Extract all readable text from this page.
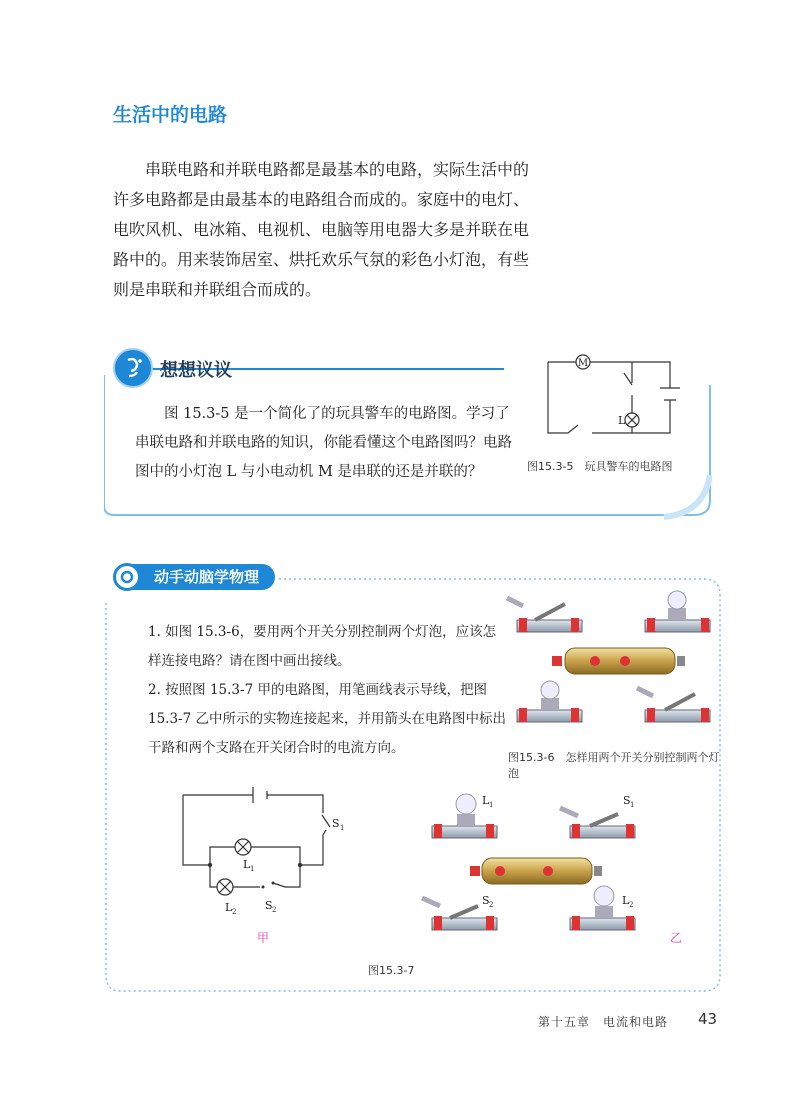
生活中的电路

串联电路和并联电路都是最基本的电路，实际生活中的许多电路都是由最基本的电路组合而成的。家庭中的电灯、电吹风机、电冰箱、电视机、电脑等用电器大多是并联在电路中的。用来装饰居室、烘托欢乐气氛的彩色小灯泡，有些则是串联和并联组合而成的。

想想议议

图 15.3-5 是一个简化了的玩具警车的电路图。学习了串联电路和并联电路的知识，你能看懂这个电路图吗？电路图中的小灯泡 L 与小电动机 M 是串联的还是并联的？

M
L
图15.3-5　玩具警车的电路图
动手动脑学物理

1. 如图 15.3-6，要用两个开关分别控制两个灯泡，应该怎样连接电路？请在图中画出接线。

2. 按照图 15.3-7 甲的电路图，用笔画线表示导线，把图 15.3-7 乙中所示的实物连接起来，并用箭头在电路图中标出干路和两个支路在开关闭合时的电流方向。

图15.3-6　怎样用两个开关分别控制两个灯泡
S 1
L 1
L 2	S 2
甲
L 1	S 1
S 2	L 2
乙
图15.3-7
第十五章　电流和电路 43
